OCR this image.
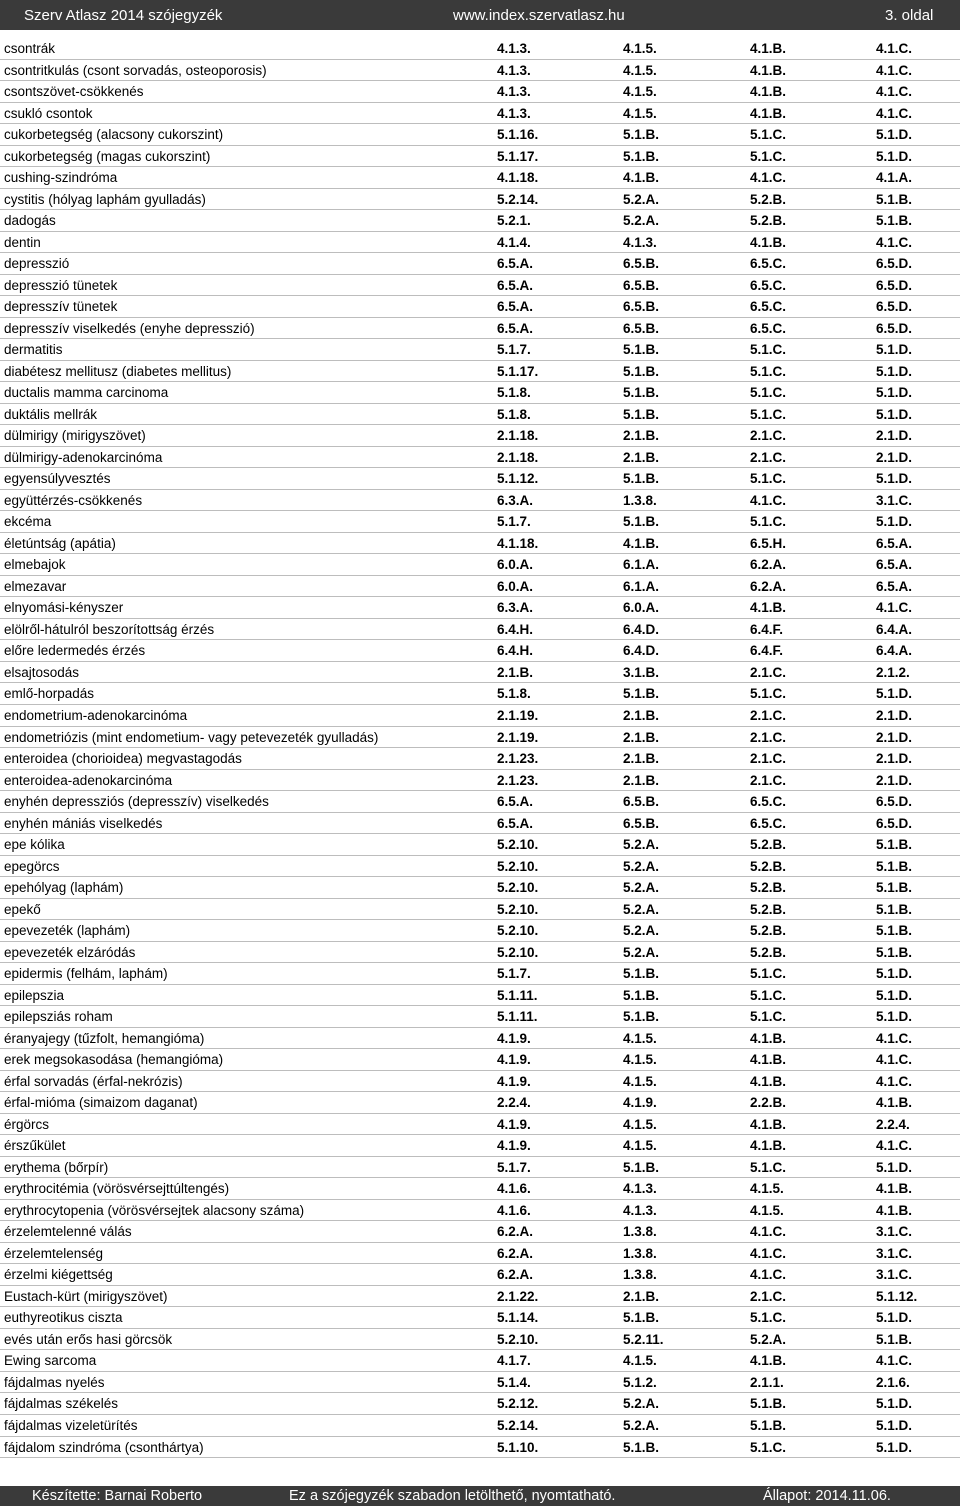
Szerv Atlasz 2014 szójegyzék	www.index.szervatlasz.hu	3. oldal
csontrák	4.1.3.	4.1.5.	4.1.B.	4.1.C.
csontritkulás (csont sorvadás, osteoporosis)	4.1.3.	4.1.5.	4.1.B.	4.1.C.
csontszövet-csökkenés	4.1.3.	4.1.5.	4.1.B.	4.1.C.
csukló csontok	4.1.3.	4.1.5.	4.1.B.	4.1.C.
cukorbetegség (alacsony cukorszint)	5.1.16.	5.1.B.	5.1.C.	5.1.D.
cukorbetegség (magas cukorszint)	5.1.17.	5.1.B.	5.1.C.	5.1.D.
cushing-szindróma	4.1.18.	4.1.B.	4.1.C.	4.1.A.
cystitis (hólyag laphám gyulladás)	5.2.14.	5.2.A.	5.2.B.	5.1.B.
dadogás	5.2.1.	5.2.A.	5.2.B.	5.1.B.
dentin	4.1.4.	4.1.3.	4.1.B.	4.1.C.
depresszió	6.5.A.	6.5.B.	6.5.C.	6.5.D.
depresszió tünetek	6.5.A.	6.5.B.	6.5.C.	6.5.D.
depresszív tünetek	6.5.A.	6.5.B.	6.5.C.	6.5.D.
depresszív viselkedés (enyhe depresszió)	6.5.A.	6.5.B.	6.5.C.	6.5.D.
dermatitis	5.1.7.	5.1.B.	5.1.C.	5.1.D.
diabétesz mellitusz (diabetes mellitus)	5.1.17.	5.1.B.	5.1.C.	5.1.D.
ductalis mamma carcinoma	5.1.8.	5.1.B.	5.1.C.	5.1.D.
duktális mellrák	5.1.8.	5.1.B.	5.1.C.	5.1.D.
dülmirigy (mirigyszövet)	2.1.18.	2.1.B.	2.1.C.	2.1.D.
dülmirigy-adenokarcinóma	2.1.18.	2.1.B.	2.1.C.	2.1.D.
egyensúlyvesztés	5.1.12.	5.1.B.	5.1.C.	5.1.D.
együttérzés-csökkenés	6.3.A.	1.3.8.	4.1.C.	3.1.C.
ekcéma	5.1.7.	5.1.B.	5.1.C.	5.1.D.
életúntság (apátia)	4.1.18.	4.1.B.	6.5.H.	6.5.A.
elmebajok	6.0.A.	6.1.A.	6.2.A.	6.5.A.
elmezavar	6.0.A.	6.1.A.	6.2.A.	6.5.A.
elnyomási-kényszer	6.3.A.	6.0.A.	4.1.B.	4.1.C.
elölről-hátulról beszorítottság érzés	6.4.H.	6.4.D.	6.4.F.	6.4.A.
előre ledermedés érzés	6.4.H.	6.4.D.	6.4.F.	6.4.A.
elsajtosodás	2.1.B.	3.1.B.	2.1.C.	2.1.2.
emlő-horpadás	5.1.8.	5.1.B.	5.1.C.	5.1.D.
endometrium-adenokarcinóma	2.1.19.	2.1.B.	2.1.C.	2.1.D.
endometriózis (mint endometium- vagy petevezeték gyulladás)	2.1.19.	2.1.B.	2.1.C.	2.1.D.
enteroidea (chorioidea) megvastagodás	2.1.23.	2.1.B.	2.1.C.	2.1.D.
enteroidea-adenokarcinóma	2.1.23.	2.1.B.	2.1.C.	2.1.D.
enyhén depressziós (depresszív) viselkedés	6.5.A.	6.5.B.	6.5.C.	6.5.D.
enyhén mániás viselkedés	6.5.A.	6.5.B.	6.5.C.	6.5.D.
epe kólika	5.2.10.	5.2.A.	5.2.B.	5.1.B.
epegörcs	5.2.10.	5.2.A.	5.2.B.	5.1.B.
epehólyag (laphám)	5.2.10.	5.2.A.	5.2.B.	5.1.B.
epekő	5.2.10.	5.2.A.	5.2.B.	5.1.B.
epevezeték (laphám)	5.2.10.	5.2.A.	5.2.B.	5.1.B.
epevezeték elzáródás	5.2.10.	5.2.A.	5.2.B.	5.1.B.
epidermis (felhám, laphám)	5.1.7.	5.1.B.	5.1.C.	5.1.D.
epilepszia	5.1.11.	5.1.B.	5.1.C.	5.1.D.
epilepsziás roham	5.1.11.	5.1.B.	5.1.C.	5.1.D.
éranyajegy (tűzfolt, hemangióma)	4.1.9.	4.1.5.	4.1.B.	4.1.C.
erek megsokasodása (hemangióma)	4.1.9.	4.1.5.	4.1.B.	4.1.C.
érfal sorvadás (érfal-nekrózis)	4.1.9.	4.1.5.	4.1.B.	4.1.C.
érfal-mióma (simaizom daganat)	2.2.4.	4.1.9.	2.2.B.	4.1.B.
érgörcs	4.1.9.	4.1.5.	4.1.B.	2.2.4.
érszűkület	4.1.9.	4.1.5.	4.1.B.	4.1.C.
erythema (bőrpír)	5.1.7.	5.1.B.	5.1.C.	5.1.D.
erythrocitémia (vörösvérsejttúltengés)	4.1.6.	4.1.3.	4.1.5.	4.1.B.
erythrocytopenia (vörösvérsejtek alacsony száma)	4.1.6.	4.1.3.	4.1.5.	4.1.B.
érzelemtelenné válás	6.2.A.	1.3.8.	4.1.C.	3.1.C.
érzelemtelenség	6.2.A.	1.3.8.	4.1.C.	3.1.C.
érzelmi kiégettség	6.2.A.	1.3.8.	4.1.C.	3.1.C.
Eustach-kürt (mirigyszövet)	2.1.22.	2.1.B.	2.1.C.	5.1.12.
euthyreotikus ciszta	5.1.14.	5.1.B.	5.1.C.	5.1.D.
evés után erős hasi görcsök	5.2.10.	5.2.11.	5.2.A.	5.1.B.
Ewing sarcoma	4.1.7.	4.1.5.	4.1.B.	4.1.C.
fájdalmas nyelés	5.1.4.	5.1.2.	2.1.1.	2.1.6.
fájdalmas székelés	5.2.12.	5.2.A.	5.1.B.	5.1.D.
fájdalmas vizeletürítés	5.2.14.	5.2.A.	5.1.B.	5.1.D.
fájdalom szindróma (csonthártya)	5.1.10.	5.1.B.	5.1.C.	5.1.D.
Készítette: Barnai Roberto	Ez a szójegyzék szabadon letölthető, nyomtatható.	Állapot: 2014.11.06.
